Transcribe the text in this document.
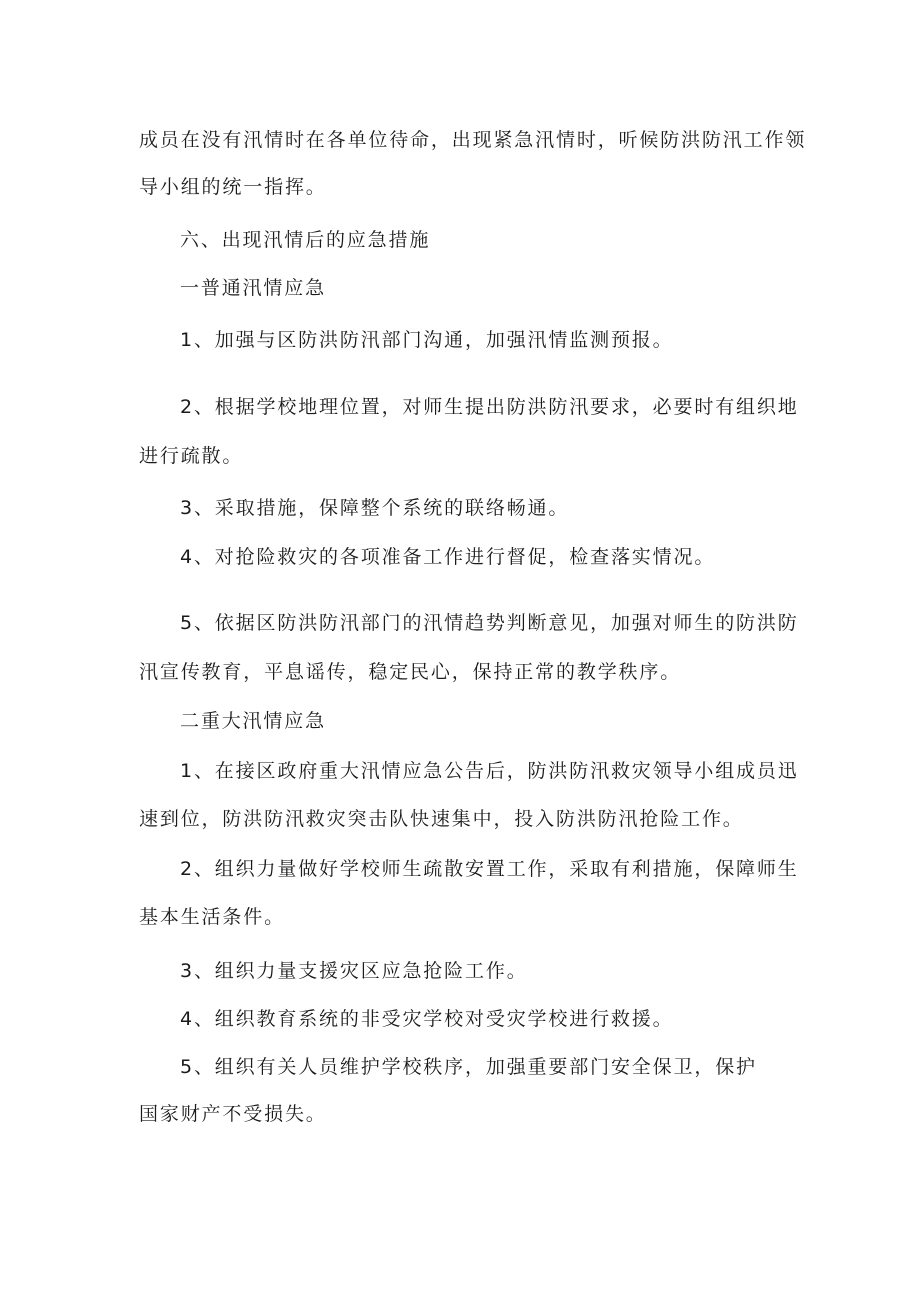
成员在没有汛情时在各单位待命，出现紧急汛情时，听候防洪防汛工作领
导小组的统一指挥。
六、出现汛情后的应急措施
一普通汛情应急
1、加强与区防洪防汛部门沟通，加强汛情监测预报。
2、根据学校地理位置，对师生提出防洪防汛要求，必要时有组织地
进行疏散。
3、采取措施，保障整个系统的联络畅通。
4、对抢险救灾的各项准备工作进行督促，检查落实情况。
5、依据区防洪防汛部门的汛情趋势判断意见，加强对师生的防洪防
汛宣传教育，平息谣传，稳定民心，保持正常的教学秩序。
二重大汛情应急
1、在接区政府重大汛情应急公告后，防洪防汛救灾领导小组成员迅
速到位，防洪防汛救灾突击队快速集中，投入防洪防汛抢险工作。
2、组织力量做好学校师生疏散安置工作，采取有利措施，保障师生
基本生活条件。
3、组织力量支援灾区应急抢险工作。
4、组织教育系统的非受灾学校对受灾学校进行救援。
5、组织有关人员维护学校秩序，加强重要部门安全保卫，保护
国家财产不受损失。
